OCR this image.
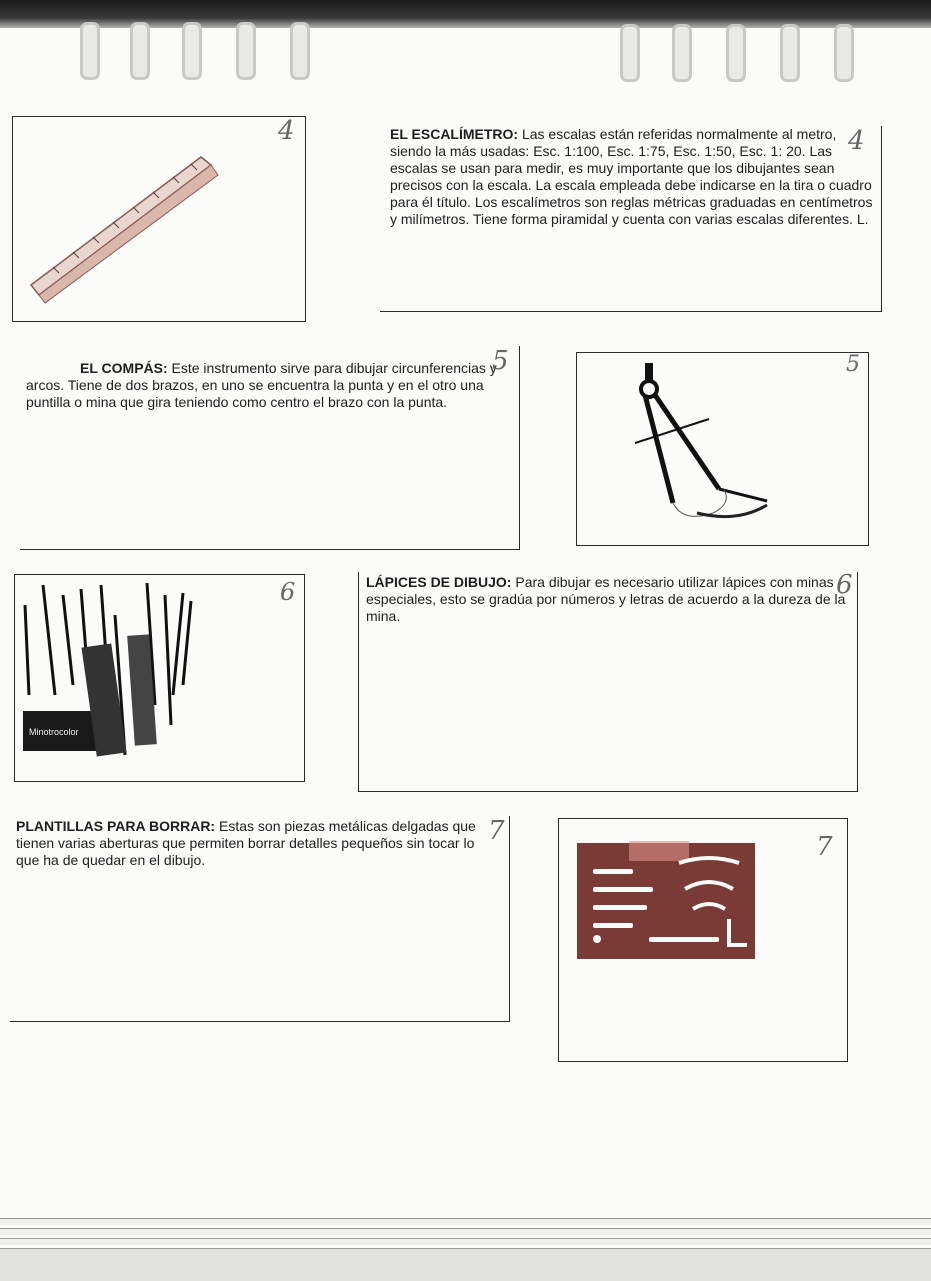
4	EL ESCALÍMETRO: Las escalas están referidas normalmente al metro, siendo la más usadas: Esc. 1:100, Esc. 1:75, Esc. 1:50, Esc. 1: 20. Las escalas se usan para medir, es muy importante que los dibujantes sean precisos con la escala. La escala empleada debe indicarse en la tira o cuadro para él título. Los escalímetros son reglas métricas graduadas en centímetros y milímetros. Tiene forma piramidal y cuenta con varias escalas diferentes. L.
4
EL COMPÁS: Este instrumento sirve para dibujar circunferencias y arcos. Tiene de dos brazos, en uno se encuentra la punta y en el otro una puntilla o mina que gira teniendo como centro el brazo con la punta.
5	5
Minotrocolor
6	LÁPICES DE DIBUJO: Para dibujar es necesario utilizar lápices con minas especiales, esto se gradúa por números y letras de acuerdo a la dureza de la mina.
6
PLANTILLAS PARA BORRAR: Estas son piezas metálicas delgadas que tienen varias aberturas que permiten borrar detalles pequeños sin tocar lo que ha de quedar en el dibujo.
7
7
